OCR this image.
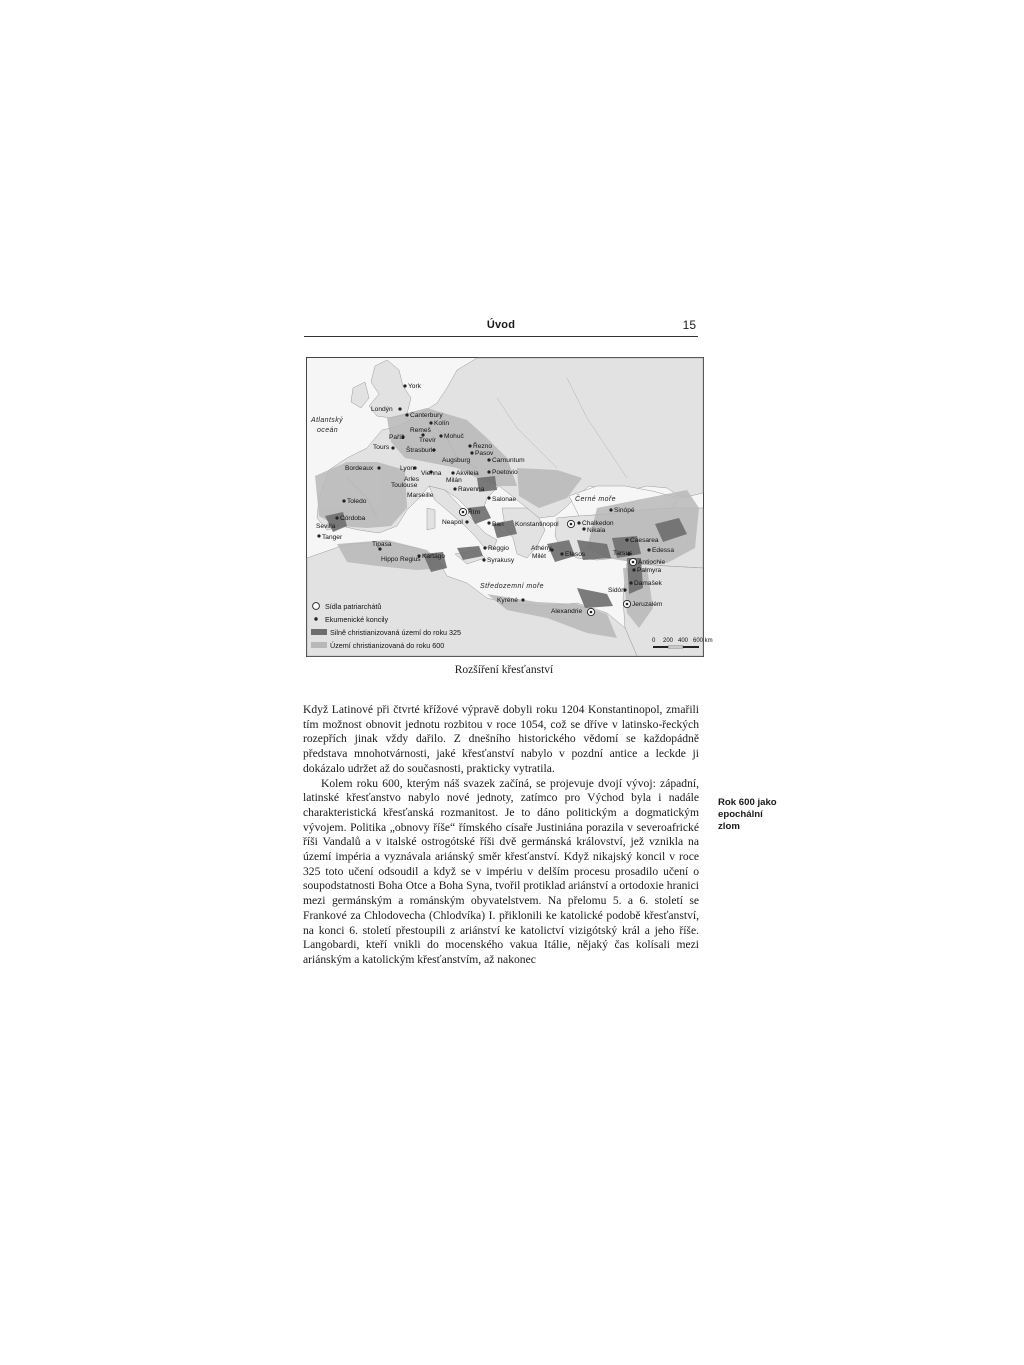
Úvod	15
Atlantský
oceán
Černé moře
Středozemní moře
York
Londýn
Canterbury
Kolín
Remeš
Paříž Trevír
Mohuč
Tours	Štrasburk
Řezno
Pasov
Augsburg	Carnuntum
Bordeaux	Lyon
Vienna Akvileia Poetovio
Arles	Milán
Toulouse
Ravenna
Marseille
Toledo	Salonae
Sinópé
Řím
Córdoba
Sevilla
Neapol	Bari Konstantinopol	Chalkedon
Nikaia
Tanger	Caesarea
Tipasa
Reggio	Athény
Efesos	Tarsus	Edessa
Hippo Regius Kartágo
Syrakusy
Milét
Antiochie
Palmyra
Damašek
Sidón
Kyréné
Alexandrie
Jeruzalém
Sídla patriarchátů
Ekumenické koncily
Silně christianizovaná území do roku 325
Území christianizovaná do roku 600	0 200 400 600 km
Rozšíření křesťanství

Když Latinové při čtvrté křížové výpravě dobyli roku 1204 Konstantinopol, zmařili tím možnost obnovit jednotu rozbitou v roce 1054, což se dříve v latinsko-řeckých rozepřích jinak vždy dařilo. Z dnešního historického vědomí se každopádně představa mnohotvárnosti, jaké křesťanství nabylo v pozdní antice a leckde ji dokázalo udržet až do současnosti, prakticky vytratila.

Kolem roku 600, kterým náš svazek začíná, se projevuje dvojí vývoj: západní, latinské křesťanstvo nabylo nové jednoty, zatímco pro Východ byla i nadále charakteristická křesťanská rozmanitost. Je to dáno politickým a dogmatickým vývojem. Politika „obnovy říše“ římského císaře Justiniána porazila v severoafrické říši Vandalů a v italské ostrogótské říši dvě germánská království, jež vznikla na území impéria a vyznávala ariánský směr křesťanství. Když nikajský koncil v roce 325 toto učení odsoudil a když se v impériu v delším procesu prosadilo učení o soupodstatnosti Boha Otce a Boha Syna, tvořil protiklad ariánství a ortodoxie hranici mezi germánským a románským obyvatelstvem. Na přelomu 5. a 6. století se Frankové za Chlodovecha (Chlodvíka) I. přiklonili ke katolické podobě křesťanství, na konci 6. století přestoupili z ariánství ke katolictví vizigótský král a jeho říše. Langobardi, kteří vnikli do mocenského vakua Itálie, nějaký čas kolísali mezi ariánským a katolickým křesťanstvím, až nakonec

Rok 600 jako
epochální
zlom
